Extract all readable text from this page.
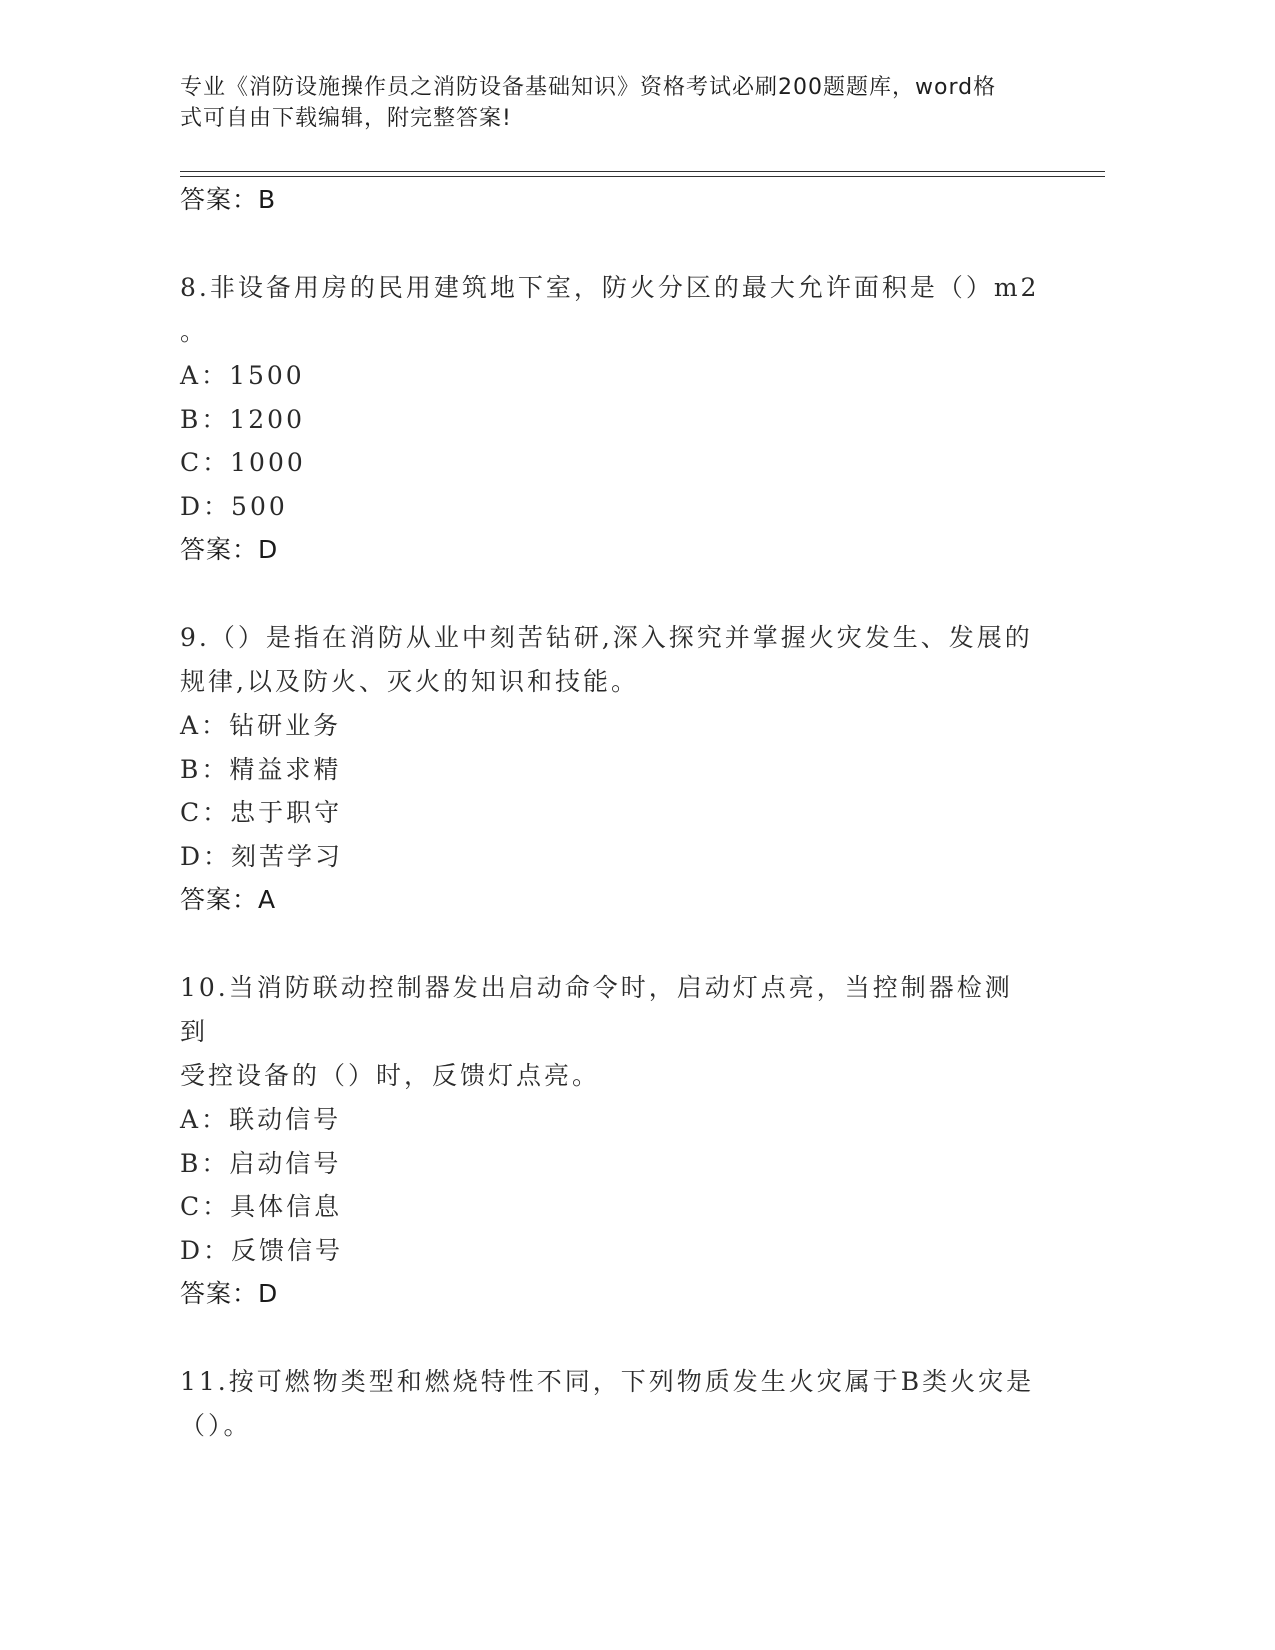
专业《消防设施操作员之消防设备基础知识》资格考试必刷200题题库，word格
式可自由下载编辑，附完整答案!
答案：B
8.非设备用房的民用建筑地下室，防火分区的最大允许面积是（）m2
。
A：1500
B：1200
C：1000
D：500
答案：D
9.（）是指在消防从业中刻苦钻研,深入探究并掌握火灾发生、发展的
规律,以及防火、灭火的知识和技能。
A：钻研业务
B：精益求精
C：忠于职守
D：刻苦学习
答案：A
10.当消防联动控制器发出启动命令时，启动灯点亮，当控制器检测到
受控设备的（）时，反馈灯点亮。
A：联动信号
B：启动信号
C：具体信息
D：反馈信号
答案：D
11.按可燃物类型和燃烧特性不同，下列物质发生火灾属于B类火灾是
（）。
